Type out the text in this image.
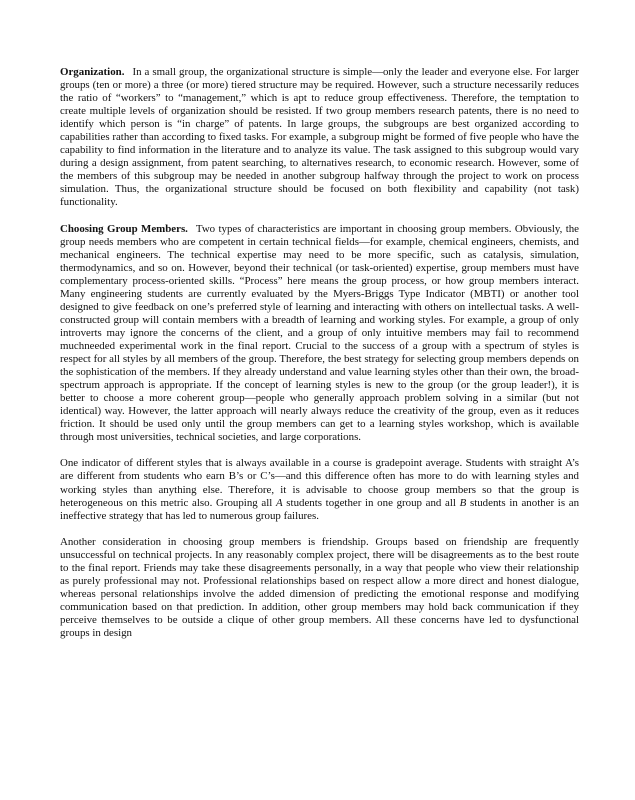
Organization. In a small group, the organizational structure is simple—only the leader and everyone else. For larger groups (ten or more) a three (or more) tiered structure may be required. However, such a structure necessarily reduces the ratio of “workers” to “management,” which is apt to reduce group effectiveness. Therefore, the temptation to create multiple levels of organization should be resisted. If two group members research patents, there is no need to identify which person is “in charge” of patents. In large groups, the subgroups are best organized according to capabilities rather than according to fixed tasks. For example, a subgroup might be formed of five people who have the capability to find information in the literature and to analyze its value. The task assigned to this subgroup would vary during a design assignment, from patent searching, to alternatives research, to economic research. However, some of the members of this subgroup may be needed in another subgroup halfway through the project to work on process simulation. Thus, the organizational structure should be focused on both flexibility and capability (not task) functionality.

Choosing Group Members. Two types of characteristics are important in choosing group members. Obviously, the group needs members who are competent in certain technical fields—for example, chemical engineers, chemists, and mechanical engineers. The technical expertise may need to be more specific, such as catalysis, simulation, thermodynamics, and so on. However, beyond their technical (or task-oriented) expertise, group members must have complementary process-oriented skills. “Process” here means the group process, or how group members interact. Many engineering students are currently evaluated by the Myers-Briggs Type Indicator (MBTI) or another tool designed to give feedback on one’s preferred style of learning and interacting with others on intellectual tasks. A well-constructed group will contain members with a breadth of learning and working styles. For example, a group of only introverts may ignore the concerns of the client, and a group of only intuitive members may fail to recommend muchneeded experimental work in the final report. Crucial to the success of a group with a spectrum of styles is respect for all styles by all members of the group. Therefore, the best strategy for selecting group members depends on the sophistication of the members. If they already understand and value learning styles other than their own, the broad-spectrum approach is appropriate. If the concept of learning styles is new to the group (or the group leader!), it is better to choose a more coherent group—people who generally approach problem solving in a similar (but not identical) way. However, the latter approach will nearly always reduce the creativity of the group, even as it reduces friction. It should be used only until the group members can get to a learning styles workshop, which is available through most universities, technical societies, and large corporations.

One indicator of different styles that is always available in a course is gradepoint average. Students with straight A’s are different from students who earn B’s or C’s—and this difference often has more to do with learning styles and working styles than anything else. Therefore, it is advisable to choose group members so that the group is heterogeneous on this metric also. Grouping all A students together in one group and all B students in another is an ineffective strategy that has led to numerous group failures.

Another consideration in choosing group members is friendship. Groups based on friendship are frequently unsuccessful on technical projects. In any reasonably complex project, there will be disagreements as to the best route to the final report. Friends may take these disagreements personally, in a way that people who view their relationship as purely professional may not. Professional relationships based on respect allow a more direct and honest dialogue, whereas personal relationships involve the added dimension of predicting the emotional response and modifying communication based on that prediction. In addition, other group members may hold back communication if they perceive themselves to be outside a clique of other group members. All these concerns have led to dysfunctional groups in design
